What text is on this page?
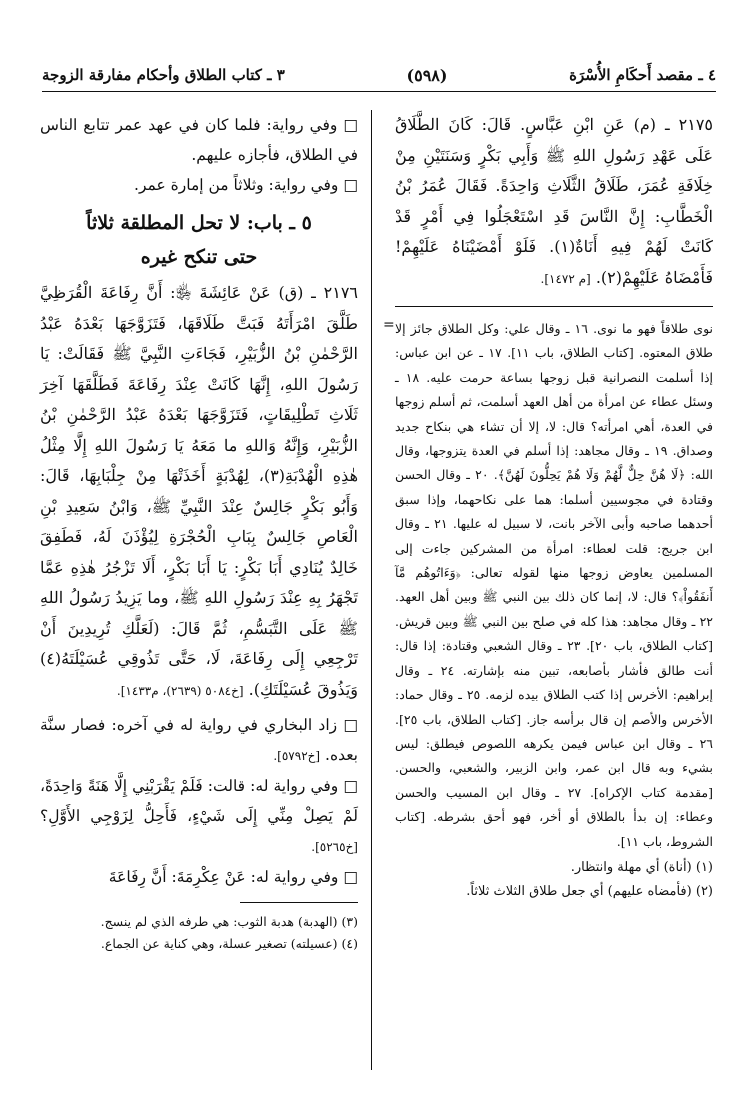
٤ ـ مقصد أَحكَامِ الأُسْرَة
(٥٩٨)
٣ ـ كتاب الطلاق وأحكام مفارقة الزوجة
٢١٧٥ ـ (م) عَنِ ابْنِ عَبَّاسٍ. قَالَ: كَانَ الطَّلَاقُ عَلَى عَهْدِ رَسُولِ اللهِ ﷺ وَأَبِي بَكْرٍ وَسَنَتَيْنِ مِنْ خِلَافَةِ عُمَرَ، طَلَاقُ الثَّلَاثِ وَاحِدَةً. فَقَالَ عُمَرُ بْنُ الْخَطَّابِ: إِنَّ النَّاسَ قَدِ اسْتَعْجَلُوا فِي أَمْرٍ قَدْ كَانَتْ لَهُمْ فِيهِ أَنَاةٌ(١). فَلَوْ أَمْضَيْنَاهُ عَلَيْهِمْ! فَأَمْضَاهُ عَلَيْهِمْ(٢). [م ١٤٧٢].
= نوى طلاقاً فهو ما نوى. ١٦ ـ وقال علي: وكل الطلاق جائز إلا طلاق المعتوه. [كتاب الطلاق، باب ١١]. ١٧ ـ عن ابن عباس: إذا أسلمت النصرانية قبل زوجها بساعة حرمت عليه. ١٨ ـ وسئل عطاء عن امرأة من أهل العهد أسلمت، ثم أسلم زوجها في العدة، أهي امرأته؟ قال: لا، إلا أن تشاء هي بنكاح جديد وصداق. ١٩ ـ وقال مجاهد: إذا أسلم في العدة يتزوجها، وقال الله: ﴿لَا هُنَّ حِلٌّ لَّهُمْ وَلَا هُمْ يَحِلُّونَ لَهُنَّ﴾. ٢٠ ـ وقال الحسن وقتادة في مجوسيين أسلما: هما على نكاحهما، وإذا سبق أحدهما صاحبه وأبى الآخر بانت، لا سبيل له عليها. ٢١ ـ وقال ابن جريج: قلت لعطاء: امرأة من المشركين جاءت إلى المسلمين يعاوض زوجها منها لقوله تعالى: ﴿وَءَاتُوهُم مَّآ أَنفَقُواْ﴾؟ قال: لا، إنما كان ذلك بين النبي ﷺ وبين أهل العهد. ٢٢ ـ وقال مجاهد: هذا كله في صلح بين النبي ﷺ وبين قريش. [كتاب الطلاق، باب ٢٠]. ٢٣ ـ وقال الشعبي وقتادة: إذا قال: أنت طالق فأشار بأصابعه، تبين منه بإشارته. ٢٤ ـ وقال إبراهيم: الأخرس إذا كتب الطلاق بيده لزمه. ٢٥ ـ وقال حماد: الأخرس والأصم إن قال برأسه جاز. [كتاب الطلاق، باب ٢٥]. ٢٦ ـ وقال ابن عباس فيمن يكرهه اللصوص فيطلق: ليس بشيء وبه قال ابن عمر، وابن الزبير، والشعبي، والحسن. [مقدمة كتاب الإكراه]. ٢٧ ـ وقال ابن المسيب والحسن وعطاء: إن بدأ بالطلاق أو أخر، فهو أحق بشرطه. [كتاب الشروط، باب ١١].
(١) (أناة) أي مهلة وانتظار.
(٢) (فأمضاه عليهم) أي جعل طلاق الثلاث ثلاثاً.
□ وفي رواية: فلما كان في عهد عمر تتابع الناس في الطلاق، فأجازه عليهم.
□ وفي رواية: وثلاثاً من إمارة عمر.
٥ ـ باب: لا تحل المطلقة ثلاثاً
حتى تنكح غيره
٢١٧٦ ـ (ق) عَنْ عَائِشَةَ ﵂: أَنَّ رِفَاعَةَ الْقُرَظِيَّ طَلَّقَ امْرَأَتَهُ فَبَتَّ طَلَاقَهَا، فَتَزَوَّجَهَا بَعْدَهُ عَبْدُ الرَّحْمٰنِ بْنُ الزُّبَيْرِ، فَجَاءَتِ النَّبِيَّ ﷺ فَقَالَتْ: يَا رَسُولَ اللهِ، إِنَّهَا كَانَتْ عِنْدَ رِفَاعَةَ فَطَلَّقَهَا آخِرَ ثَلَاثِ تَطْلِيقَاتٍ، فَتَزَوَّجَهَا بَعْدَهُ عَبْدُ الرَّحْمٰنِ بْنُ الزُّبَيْرِ، وَإِنَّهُ وَاللهِ ما مَعَهُ يَا رَسُولَ اللهِ إِلَّا مِثْلُ هٰذِهِ الْهُدْبَةِ(٣)، لِهُدْبَةٍ أَخَذَتْهَا مِنْ جِلْبَابِهَا، قَالَ: وَأَبُو بَكْرٍ جَالِسٌ عِنْدَ النَّبِيِّ ﷺ، وَابْنُ سَعِيدِ بْنِ الْعَاصِ جَالِسٌ بِبَابِ الْحُجْرَةِ لِيُؤْذَنَ لَهُ، فَطَفِقَ خَالِدٌ يُنَادِي أَبَا بَكْرٍ: يَا أَبَا بَكْرٍ، أَلَا تَزْجُرُ هٰذِهِ عَمَّا تَجْهَرُ بِهِ عِنْدَ رَسُولِ اللهِ ﷺ، وما يَزِيدُ رَسُولُ اللهِ ﷺ عَلَى التَّبَسُّمِ، ثُمَّ قَالَ: (لَعَلَّكِ تُرِيدِينَ أَنْ تَرْجِعِي إِلَى رِفَاعَةَ، لَا، حَتَّى تَذُوقِي عُسَيْلَتَهُ(٤) وَيَذُوقَ عُسَيْلَتَكِ). [خ٥٠٨٤ (٢٦٣٩)، م١٤٣٣].
□ زاد البخاري في رواية له في آخره: فصار سنَّة بعده. [خ٥٧٩٢].
□ وفي رواية له: قالت: فَلَمْ يَقْرَبْنِي إِلَّا هَنَةً وَاحِدَةً، لَمْ يَصِلْ مِنِّي إِلَى شَيْءٍ، فَأَحِلُّ لِزَوْجِي الأَوَّلِ؟ [خ٥٢٦٥].
□ وفي رواية له: عَنْ عِكْرِمَةَ: أَنَّ رِفَاعَةَ
(٣) (الهدبة) هدبة الثوب: هي طرفه الذي لم ينسج.
(٤) (عسيلته) تصغير عسلة، وهي كناية عن الجماع.
